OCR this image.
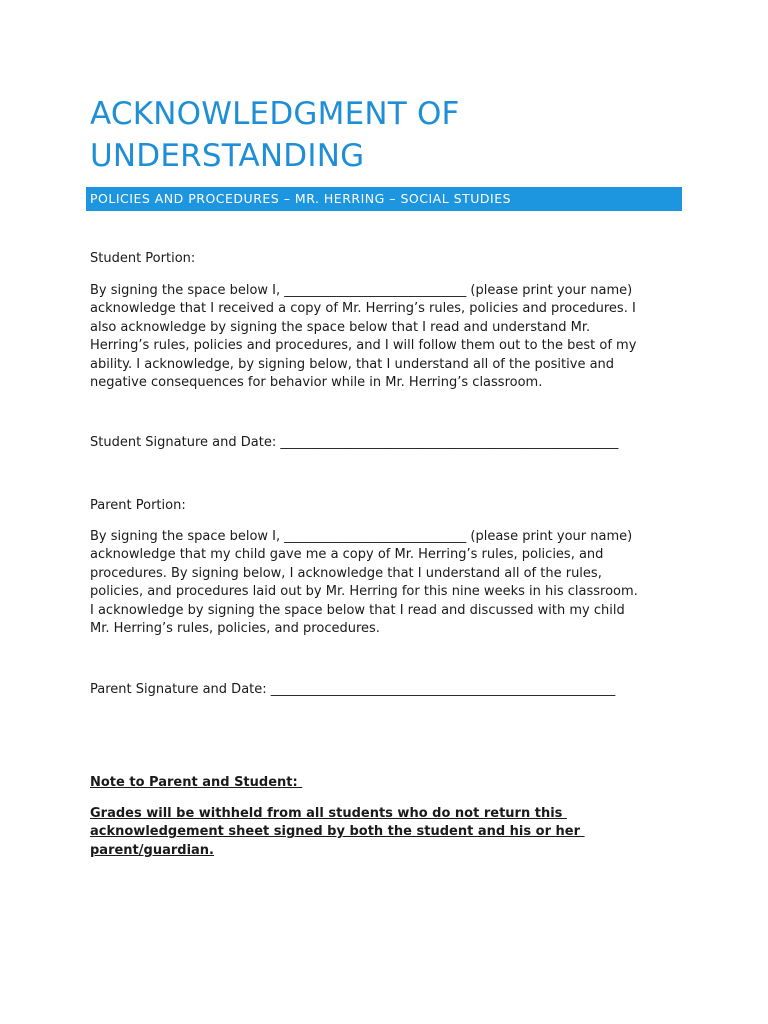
ACKNOWLEDGMENT OF
UNDERSTANDING
POLICIES AND PROCEDURES – MR. HERRING – SOCIAL STUDIES

Student Portion:

By signing the space below I, ____________________________ (please print your name)
acknowledge that I received a copy of Mr. Herring’s rules, policies and procedures. I
also acknowledge by signing the space below that I read and understand Mr.
Herring’s rules, policies and procedures, and I will follow them out to the best of my
ability. I acknowledge, by signing below, that I understand all of the positive and
negative consequences for behavior while in Mr. Herring’s classroom.

Student Signature and Date: ____________________________________________________

Parent Portion:

By signing the space below I, ____________________________ (please print your name)
acknowledge that my child gave me a copy of Mr. Herring’s rules, policies, and
procedures. By signing below, I acknowledge that I understand all of the rules,
policies, and procedures laid out by Mr. Herring for this nine weeks in his classroom.
I acknowledge by signing the space below that I read and discussed with my child
Mr. Herring’s rules, policies, and procedures.

Parent Signature and Date: _____________________________________________________

Note to Parent and Student:

Grades will be withheld from all students who do not return this
acknowledgement sheet signed by both the student and his or her
parent/guardian.
